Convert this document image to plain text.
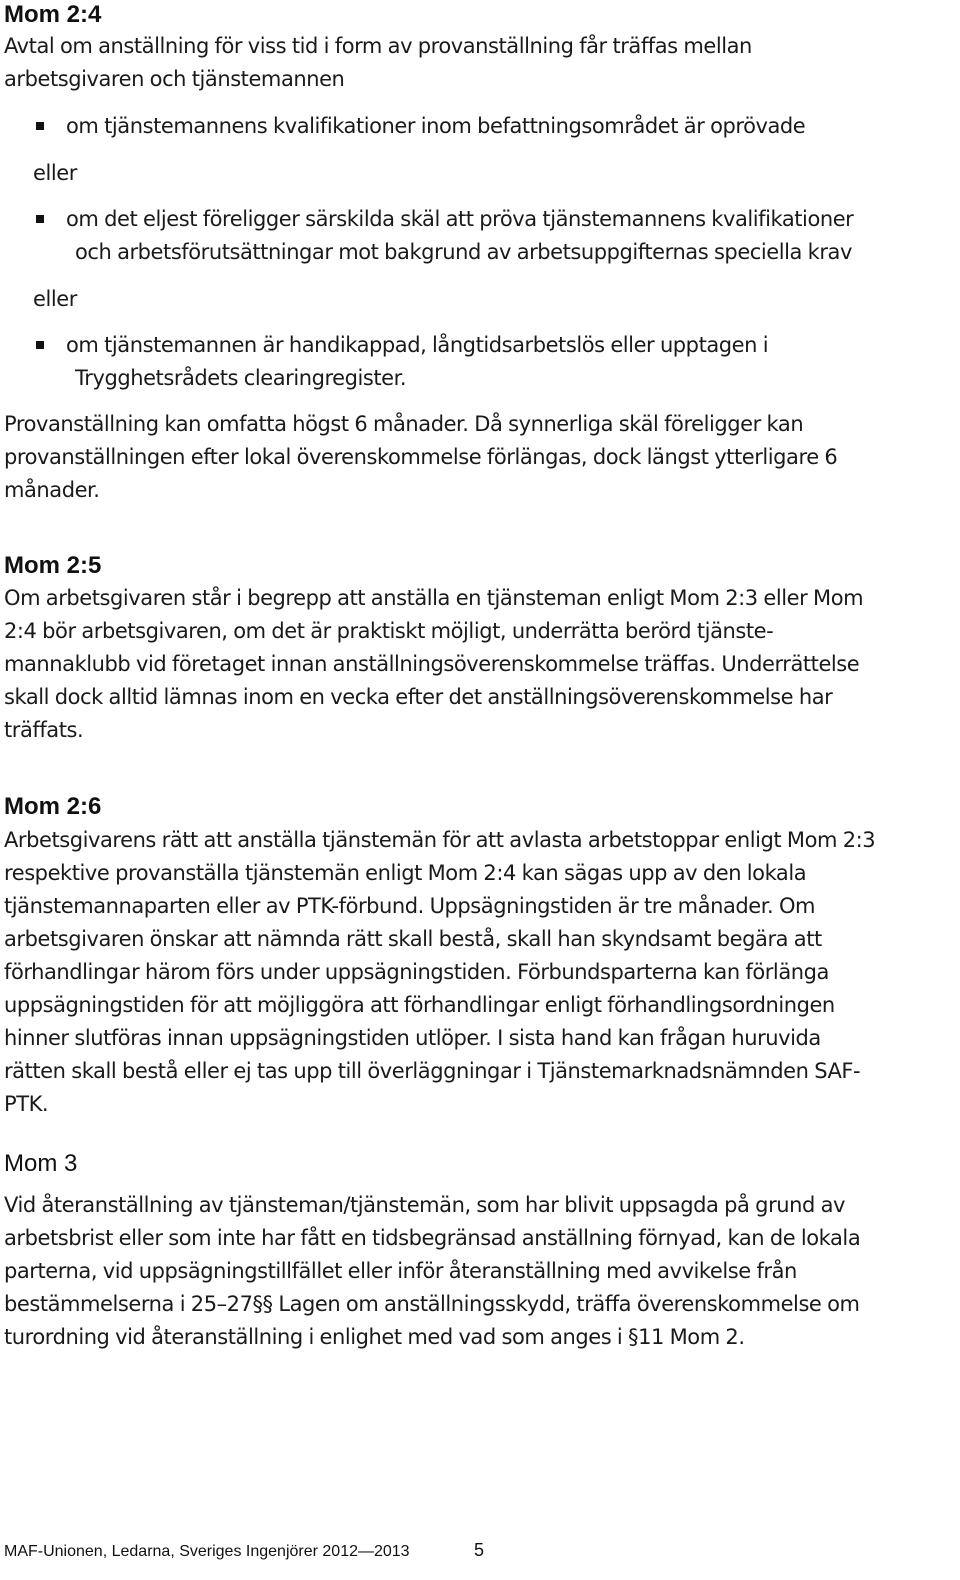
Mom 2:4
Avtal om anställning för viss tid i form av provanställning får träffas mellan
arbetsgivaren och tjänstemannen
om tjänstemannens kvalifikationer inom befattningsområdet är oprövade
eller
om det eljest föreligger särskilda skäl att pröva tjänstemannens kvalifikationer
och arbetsförutsättningar mot bakgrund av arbetsuppgifternas speciella krav
eller
om tjänstemannen är handikappad, långtidsarbetslös eller upptagen i
Trygghetsrådets clearingregister.
Provanställning kan omfatta högst 6 månader. Då synnerliga skäl föreligger kan
provanställningen efter lokal överenskommelse förlängas, dock längst ytterligare 6
månader.
Mom 2:5
Om arbetsgivaren står i begrepp att anställa en tjänsteman enligt Mom 2:3 eller Mom
2:4 bör arbetsgivaren, om det är praktiskt möjligt, underrätta berörd tjänste-
mannaklubb vid företaget innan anställningsöverenskommelse träffas. Underrättelse
skall dock alltid lämnas inom en vecka efter det anställningsöverenskommelse har
träffats.
Mom 2:6
Arbetsgivarens rätt att anställa tjänstemän för att avlasta arbetstoppar enligt Mom 2:3
respektive provanställa tjänstemän enligt Mom 2:4 kan sägas upp av den lokala
tjänstemannaparten eller av PTK-förbund. Uppsägningstiden är tre månader. Om
arbetsgivaren önskar att nämnda rätt skall bestå, skall han skyndsamt begära att
förhandlingar härom förs under uppsägningstiden. Förbundsparterna kan förlänga
uppsägningstiden för att möjliggöra att förhandlingar enligt förhandlingsordningen
hinner slutföras innan uppsägningstiden utlöper. I sista hand kan frågan huruvida
rätten skall bestå eller ej tas upp till överläggningar i Tjänstemarknadsnämnden SAF-
PTK.
Mom 3
Vid återanställning av tjänsteman/tjänstemän, som har blivit uppsagda på grund av
arbetsbrist eller som inte har fått en tidsbegränsad anställning förnyad, kan de lokala
parterna, vid uppsägningstillfället eller inför återanställning med avvikelse från
bestämmelserna i 25–27§§ Lagen om anställningsskydd, träffa överenskommelse om
turordning vid återanställning i enlighet med vad som anges i §11 Mom 2.
MAF-Unionen, Ledarna, Sveriges Ingenjörer 2012—2013	5
